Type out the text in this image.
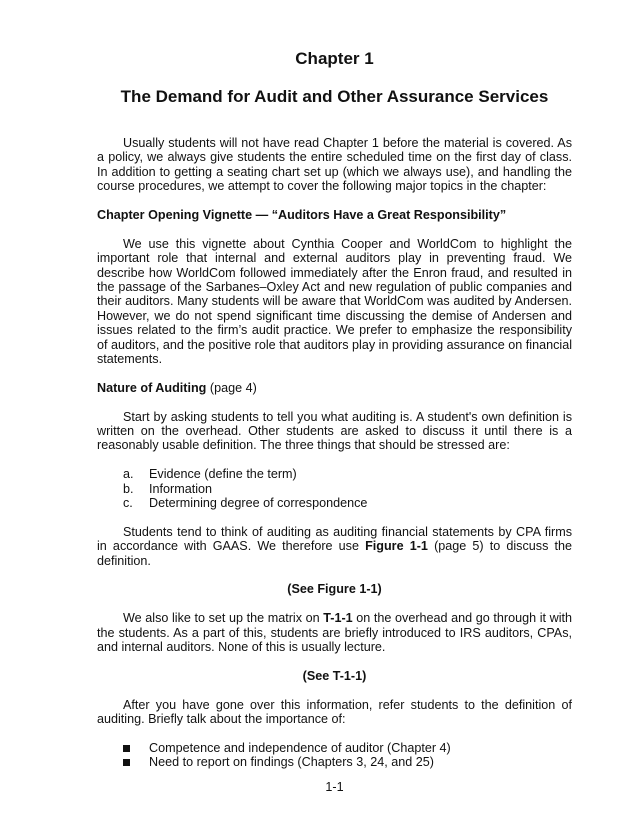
Chapter 1
The Demand for Audit and Other Assurance Services

Usually students will not have read Chapter 1 before the material is covered. As a policy, we always give students the entire scheduled time on the first day of class. In addition to getting a seating chart set up (which we always use), and handling the course procedures, we attempt to cover the following major topics in the chapter:

Chapter Opening Vignette — “Auditors Have a Great Responsibility”

We use this vignette about Cynthia Cooper and WorldCom to highlight the important role that internal and external auditors play in preventing fraud. We describe how WorldCom followed immediately after the Enron fraud, and resulted in the passage of the Sarbanes–Oxley Act and new regulation of public companies and their auditors. Many students will be aware that WorldCom was audited by Andersen. However, we do not spend significant time discussing the demise of Andersen and issues related to the firm’s audit practice. We prefer to emphasize the responsibility of auditors, and the positive role that auditors play in providing assurance on financial statements.

Nature of Auditing (page 4)

Start by asking students to tell you what auditing is. A student's own definition is written on the overhead. Other students are asked to discuss it until there is a reasonably usable definition. The three things that should be stressed are:

a. Evidence (define the term)
b. Information
c. Determining degree of correspondence

Students tend to think of auditing as auditing financial statements by CPA firms in accordance with GAAS. We therefore use Figure 1-1 (page 5) to discuss the definition.

(See Figure 1-1)

We also like to set up the matrix on T-1-1 on the overhead and go through it with the students. As a part of this, students are briefly introduced to IRS auditors, CPAs, and internal auditors. None of this is usually lecture.

(See T-1-1)

After you have gone over this information, refer students to the definition of auditing. Briefly talk about the importance of:

Competence and independence of auditor (Chapter 4)
Need to report on findings (Chapters 3, 24, and 25)
1-1
